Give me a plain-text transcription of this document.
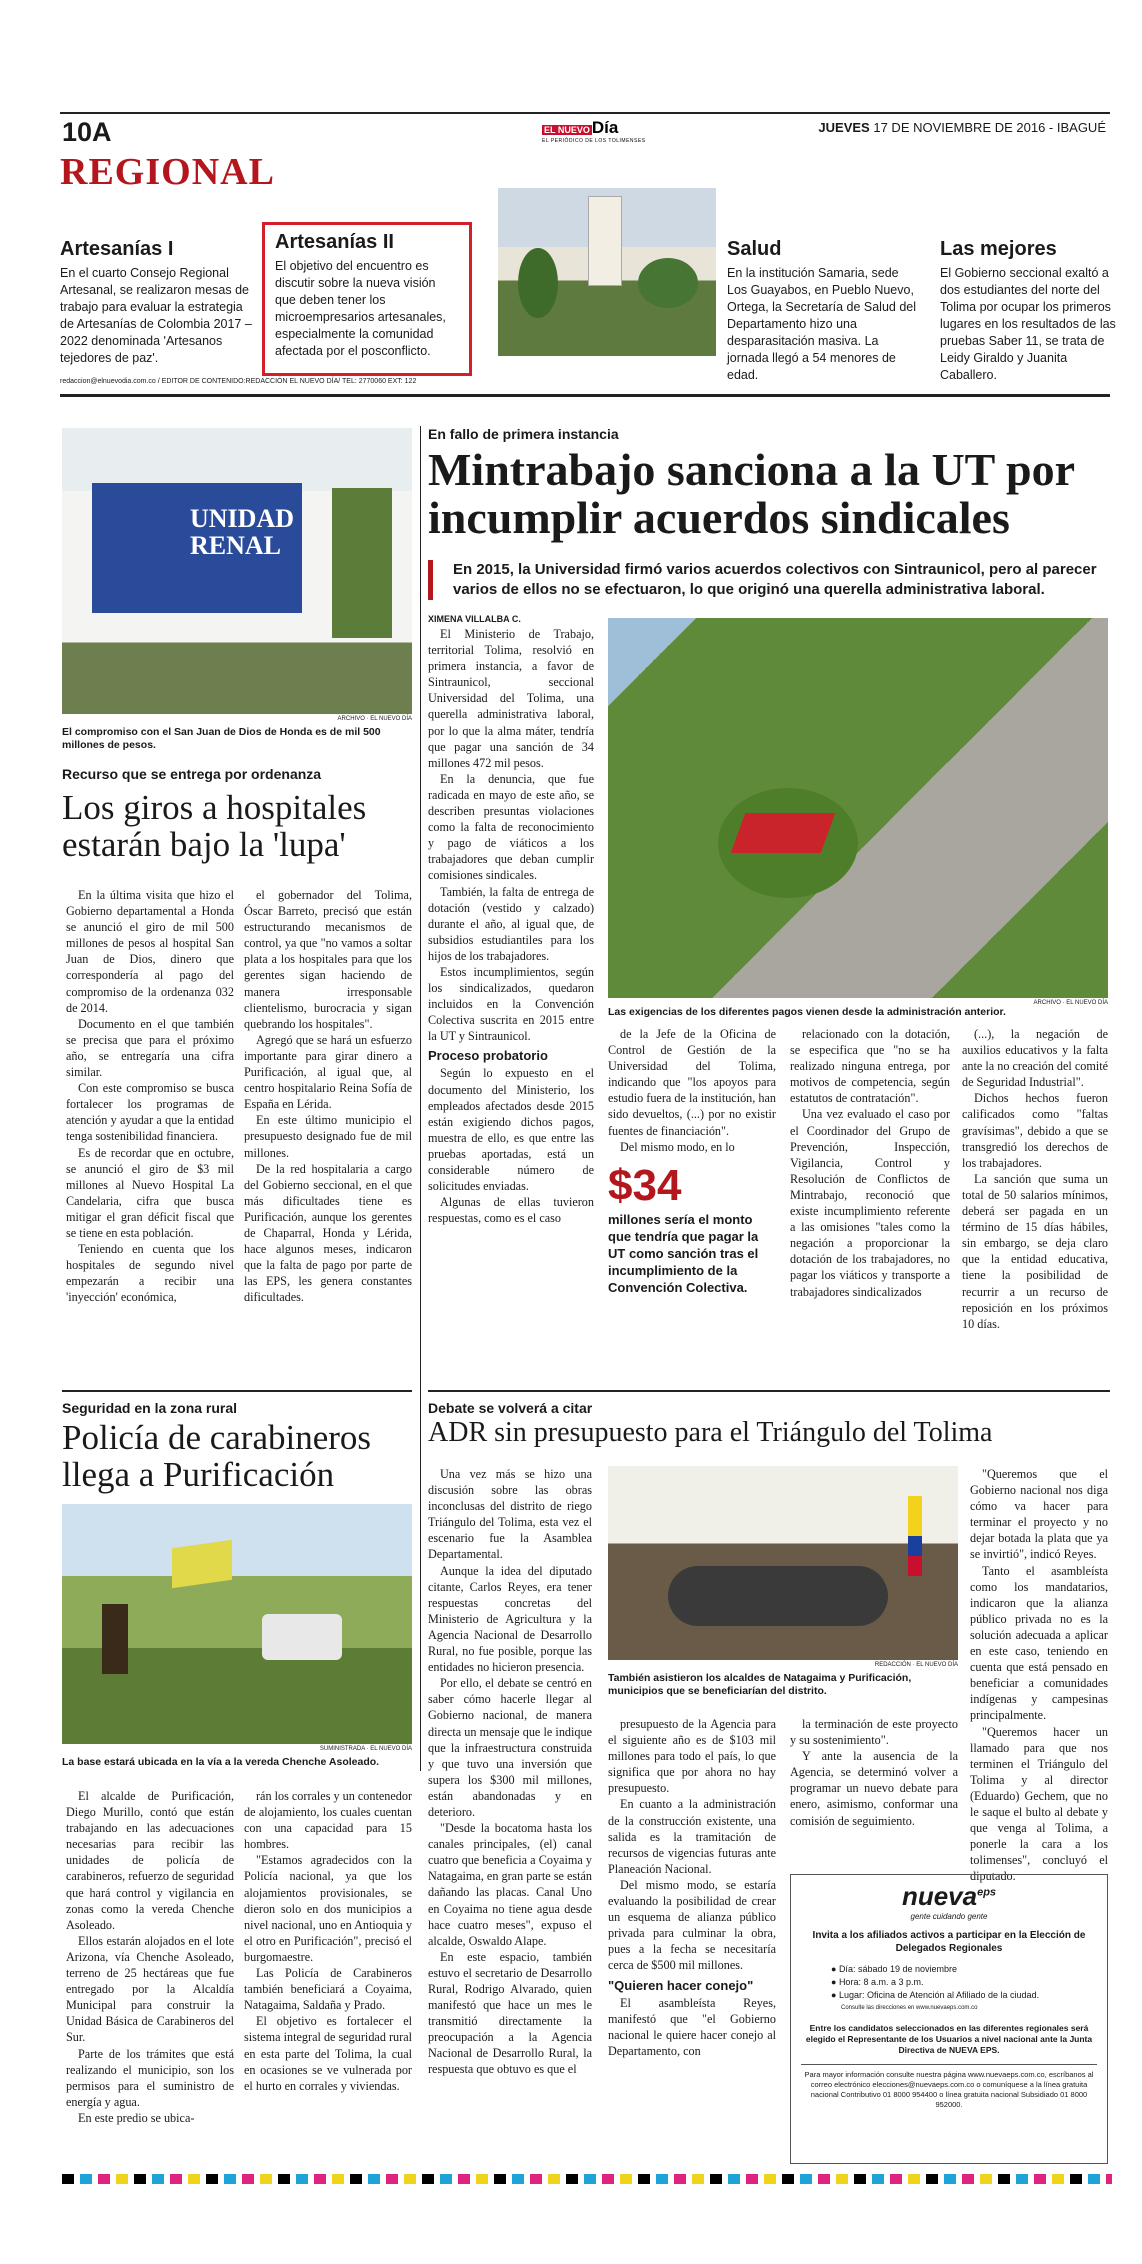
10A	EL NUEVO Día
EL PERIÓDICO DE LOS TOLIMENSES
JUEVES 17 DE NOVIEMBRE DE 2016 - IBAGUÉ
REGIONAL
Artesanías I

En el cuarto Consejo Regional Artesanal, se realizaron mesas de trabajo para evaluar la estrategia de Artesanías de Colombia 2017 – 2022 denominada 'Artesanos tejedores de paz'.

Artesanías II

El objetivo del encuentro es discutir sobre la nueva visión que deben tener los microempresarios artesanales, especialmente la comunidad afectada por el posconflicto.

Salud

En la institución Samaria, sede Los Guayabos, en Pueblo Nuevo, Ortega, la Secretaría de Salud del Departamento hizo una desparasitación masiva. La jornada llegó a 54 menores de edad.

Las mejores

El Gobierno seccional exaltó a dos estudiantes del norte del Tolima por ocupar los primeros lugares en los resultados de las pruebas Saber 11, se trata de Leidy Giraldo y Juanita Caballero.

redaccion@elnuevodia.com.co / EDITOR DE CONTENIDO:REDACCIÓN EL NUEVO DÍA/ TEL: 2770060 EXT: 122
UNIDAD
RENAL
ARCHIVO · EL NUEVO DÍA
El compromiso con el San Juan de Dios de Honda es de mil 500 millones de pesos.
Recurso que se entrega por ordenanza
Los giros a hospitales estarán bajo la 'lupa'

En la última visita que hizo el Gobierno departamental a Honda se anunció el giro de mil 500 millones de pesos al hospital San Juan de Dios, dinero que correspondería al pago del compromiso de la ordenanza 032 de 2014.

Documento en el que también se precisa que para el próximo año, se entregaría una cifra similar.

Con este compromiso se busca fortalecer los programas de atención y ayudar a que la entidad tenga sostenibilidad financiera.

Es de recordar que en octubre, se anunció el giro de $3 mil millones al Nuevo Hospital La Candelaria, cifra que busca mitigar el gran déficit fiscal que se tiene en esta población.

Teniendo en cuenta que los hospitales de segundo nivel empezarán a recibir una 'inyección' económica,

el gobernador del Tolima, Óscar Barreto, precisó que están estructurando mecanismos de control, ya que "no vamos a soltar plata a los hospitales para que los gerentes sigan haciendo de manera irresponsable clientelismo, burocracia y sigan quebrando los hospitales".

Agregó que se hará un esfuerzo importante para girar dinero a Purificación, al igual que, al centro hospitalario Reina Sofía de España en Lérida.

En este último municipio el presupuesto designado fue de mil millones.

De la red hospitalaria a cargo del Gobierno seccional, en el que más dificultades tiene es Purificación, aunque los gerentes de Chaparral, Honda y Lérida, hace algunos meses, indicaron que la falta de pago por parte de las EPS, les genera constantes dificultades.

En fallo de primera instancia
Mintrabajo sanciona a la UT por incumplir acuerdos sindicales
En 2015, la Universidad firmó varios acuerdos colectivos con Sintraunicol, pero al parecer varios de ellos no se efectuaron, lo que originó una querella administrativa laboral.
XIMENA VILLALBA C.

El Ministerio de Trabajo, territorial Tolima, resolvió en primera instancia, a favor de Sintraunicol, seccional Universidad del Tolima, una querella administrativa laboral, por lo que la alma máter, tendría que pagar una sanción de 34 millones 472 mil pesos.

En la denuncia, que fue radicada en mayo de este año, se describen presuntas violaciones como la falta de reconocimiento y pago de viáticos a los trabajadores que deban cumplir comisiones sindicales.

También, la falta de entrega de dotación (vestido y calzado) durante el año, al igual que, de subsidios estudiantiles para los hijos de los trabajadores.

Estos incumplimientos, según los sindicalizados, quedaron incluidos en la Convención Colectiva suscrita en 2015 entre la UT y Sintraunicol.

Proceso probatorio

Según lo expuesto en el documento del Ministerio, los empleados afectados desde 2015 están exigiendo dichos pagos, muestra de ello, es que entre las pruebas aportadas, está un considerable número de solicitudes enviadas.

Algunas de ellas tuvieron respuestas, como es el caso

ARCHIVO · EL NUEVO DÍA
Las exigencias de los diferentes pagos vienen desde la administración anterior.

de la Jefe de la Oficina de Control de Gestión de la Universidad del Tolima, indicando que "los apoyos para estudio fuera de la institución, han sido devueltos, (...) por no existir fuentes de financiación".

Del mismo modo, en lo

$34
millones sería el monto que tendría que pagar la UT como sanción tras el incumplimiento de la Convención Colectiva.

relacionado con la dotación, se especifica que "no se ha realizado ninguna entrega, por motivos de competencia, según estatutos de contratación".

Una vez evaluado el caso por el Coordinador del Grupo de Prevención, Inspección, Vigilancia, Control y Resolución de Conflictos de Mintrabajo, reconoció que existe incumplimiento referente a las omisiones "tales como la negación a proporcionar la dotación de los trabajadores, no pagar los viáticos y transporte a trabajadores sindicalizados

(...), la negación de auxilios educativos y la falta ante la no creación del comité de Seguridad Industrial".

Dichos hechos fueron calificados como "faltas gravísimas", debido a que se transgredió los derechos de los trabajadores.

La sanción que suma un total de 50 salarios mínimos, deberá ser pagada en un término de 15 días hábiles, sin embargo, se deja claro que la entidad educativa, tiene la posibilidad de recurrir a un recurso de reposición en los próximos 10 días.

Seguridad en la zona rural
Policía de carabineros llega a Purificación
SUMINISTRADA · EL NUEVO DÍA
La base estará ubicada en la vía a la vereda Chenche Asoleado.

El alcalde de Purificación, Diego Murillo, contó que están trabajando en las adecuaciones necesarias para recibir las unidades de policía de carabineros, refuerzo de seguridad que hará control y vigilancia en zonas como la vereda Chenche Asoleado.

Ellos estarán alojados en el lote Arizona, vía Chenche Asoleado, terreno de 25 hectáreas que fue entregado por la Alcaldía Municipal para construir la Unidad Básica de Carabineros del Sur.

Parte de los trámites que está realizando el municipio, son los permisos para el suministro de energía y agua.

En este predio se ubica-

rán los corrales y un contenedor de alojamiento, los cuales cuentan con una capacidad para 15 hombres.

"Estamos agradecidos con la Policía nacional, ya que los alojamientos provisionales, se dieron solo en dos municipios a nivel nacional, uno en Antioquia y el otro en Purificación", precisó el burgomaestre.

Las Policía de Carabineros también beneficiará a Coyaima, Natagaima, Saldaña y Prado.

El objetivo es fortalecer el sistema integral de seguridad rural en esta parte del Tolima, la cual en ocasiones se ve vulnerada por el hurto en corrales y viviendas.

Debate se volverá a citar
ADR sin presupuesto para el Triángulo del Tolima

Una vez más se hizo una discusión sobre las obras inconclusas del distrito de riego Triángulo del Tolima, esta vez el escenario fue la Asamblea Departamental.

Aunque la idea del diputado citante, Carlos Reyes, era tener respuestas concretas del Ministerio de Agricultura y la Agencia Nacional de Desarrollo Rural, no fue posible, porque las entidades no hicieron presencia.

Por ello, el debate se centró en saber cómo hacerle llegar al Gobierno nacional, de manera directa un mensaje que le indique que la infraestructura construida y que tuvo una inversión que supera los $300 mil millones, están abandonadas y en deterioro.

"Desde la bocatoma hasta los canales principales, (el) canal cuatro que beneficia a Coyaima y Natagaima, en gran parte se están dañando las placas. Canal Uno en Coyaima no tiene agua desde hace cuatro meses", expuso el alcalde, Oswaldo Alape.

En este espacio, también estuvo el secretario de Desarrollo Rural, Rodrigo Alvarado, quien manifestó que hace un mes le transmitió directamente la preocupación a la Agencia Nacional de Desarrollo Rural, la respuesta que obtuvo es que el

REDACCIÓN · EL NUEVO DÍA
También asistieron los alcaldes de Natagaima y Purificación, municipios que se beneficiarían del distrito.

presupuesto de la Agencia para el siguiente año es de $103 mil millones para todo el país, lo que significa que por ahora no hay presupuesto.

En cuanto a la administración de la construcción existente, una salida es la tramitación de recursos de vigencias futuras ante Planeación Nacional.

Del mismo modo, se estaría evaluando la posibilidad de crear un esquema de alianza público privada para culminar la obra, pues a la fecha se necesitaría cerca de $500 mil millones.

"Quieren hacer conejo"

El asambleísta Reyes, manifestó que "el Gobierno nacional le quiere hacer conejo al Departamento, con

la terminación de este proyecto y su sostenimiento".

Y ante la ausencia de la Agencia, se determinó volver a programar un nuevo debate para enero, asimismo, conformar una comisión de seguimiento.

"Queremos que el Gobierno nacional nos diga cómo va hacer para terminar el proyecto y no dejar botada la plata que ya se invirtió", indicó Reyes.

Tanto el asambleísta como los mandatarios, indicaron que la alianza público privada no es la solución adecuada a aplicar en este caso, teniendo en cuenta que está pensado en beneficiar a comunidades indígenas y campesinas principalmente.

"Queremos hacer un llamado para que nos terminen el Triángulo del Tolima y al director (Eduardo) Gechem, que no le saque el bulto al debate y que venga al Tolima, a ponerle la cara a los tolimenses", concluyó el diputado.

nueva$^{eps}$
gente cuidando gente
Invita a los afiliados activos a participar en la Elección de Delegados Regionales
● Día: sábado 19 de noviembre
● Hora: 8 a.m. a 3 p.m.
● Lugar: Oficina de Atención al Afiliado de la ciudad.
Consulte las direcciones en www.nuevaeps.com.co
Entre los candidatos seleccionados en las diferentes regionales será elegido el Representante de los Usuarios a nivel nacional ante la Junta Directiva de NUEVA EPS.
Para mayor información consulte nuestra página www.nuevaeps.com.co, escríbanos al correo electrónico elecciones@nuevaeps.com.co o comuníquese a la línea gratuita nacional Contributivo 01 8000 954400 o línea gratuita nacional Subsidiado 01 8000 952000.
